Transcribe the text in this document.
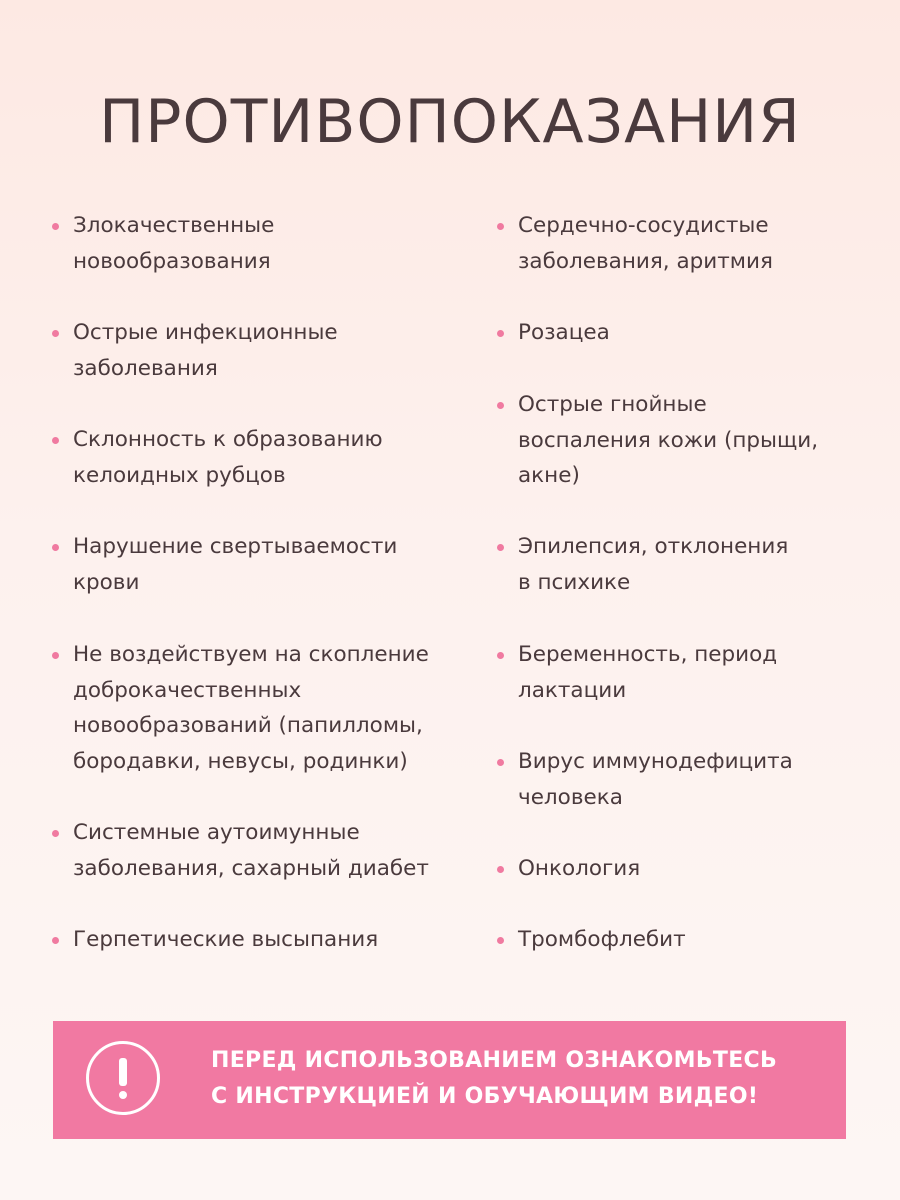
ПРОТИВОПОКАЗАНИЯ
Злокачественные
новообразования
Острые инфекционные
заболевания
Склонность к образованию
келоидных рубцов
Нарушение свертываемости
крови
Не воздействуем на скопление
доброкачественных
новообразований (папилломы,
бородавки, невусы, родинки)
Системные аутоимунные
заболевания, сахарный диабет
Герпетические высыпания
Сердечно-сосудистые
заболевания, аритмия
Розацеа
Острые гнойные
воспаления кожи (прыщи,
акне)
Эпилепсия, отклонения
в психике
Беременность, период
лактации
Вирус иммунодефицита
человека
Онкология
Тромбофлебит
ПЕРЕД ИСПОЛЬЗОВАНИЕМ ОЗНАКОМЬТЕСЬ
С ИНСТРУКЦИЕЙ И ОБУЧАЮЩИМ ВИДЕО!
